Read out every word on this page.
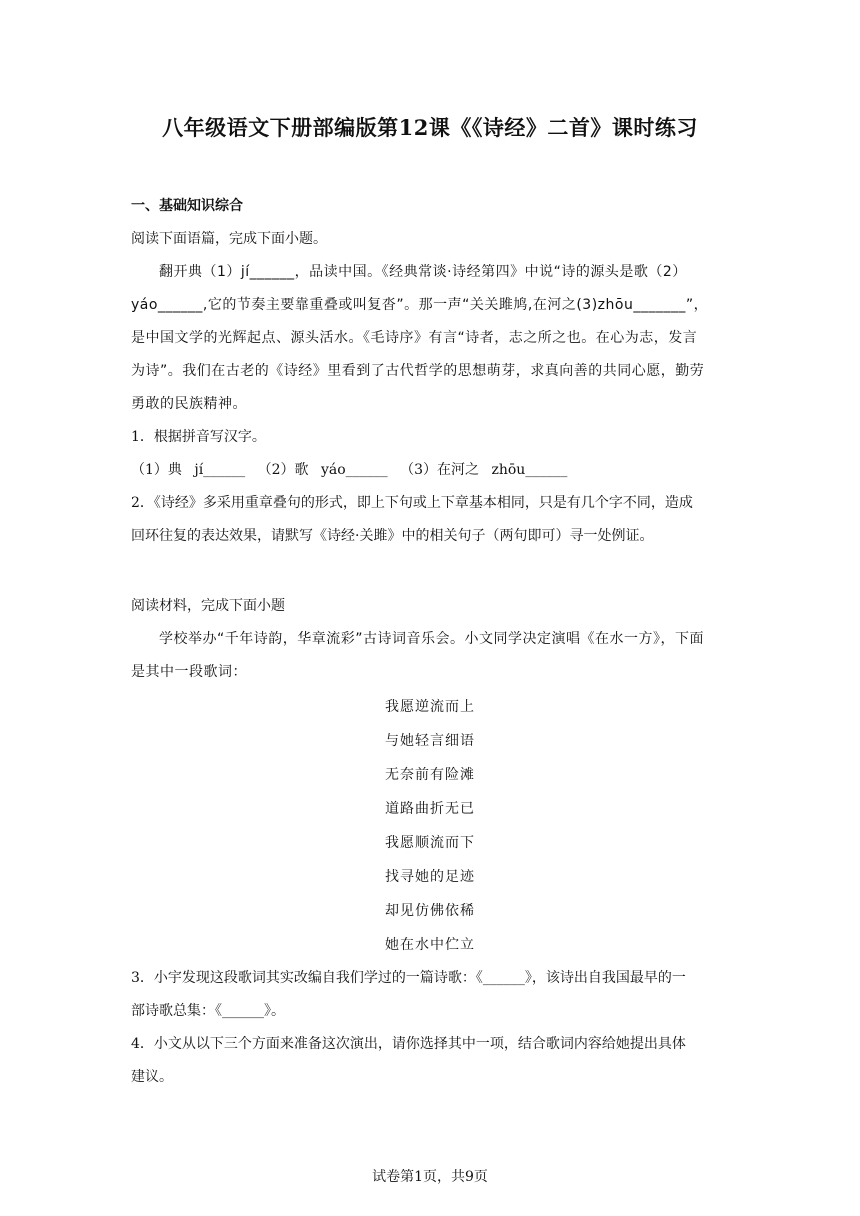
八年级语文下册部编版第12课《《诗经》二首》课时练习

一、基础知识综合

阅读下面语篇，完成下面小题。

翻开典（1）jí______，品读中国。《经典常谈·诗经第四》中说“诗的源头是歌（2）

yáo______,它的节奏主要靠重叠或叫复沓”。那一声“关关雎鸠,在河之(3)zhōu_______”，

是中国文学的光辉起点、源头活水。《毛诗序》有言“诗者，志之所之也。在心为志，发言

为诗”。我们在古老的《诗经》里看到了古代哲学的思想萌芽，求真向善的共同心愿，勤劳

勇敢的民族精神。

1．根据拼音写汉字。

（1）典 jí______ （2）歌 yáo______ （3）在河之 zhōu______

2．《诗经》多采用重章叠句的形式，即上下句或上下章基本相同，只是有几个字不同，造成

回环往复的表达效果，请默写《诗经·关雎》中的相关句子（两句即可）寻一处例证。

阅读材料，完成下面小题

学校举办“千年诗韵，华章流彩”古诗词音乐会。小文同学决定演唱《在水一方》，下面

是其中一段歌词：

我愿逆流而上
与她轻言细语
无奈前有险滩
道路曲折无已
我愿顺流而下
找寻她的足迹
却见仿佛依稀
她在水中伫立

3．小宇发现这段歌词其实改编自我们学过的一篇诗歌：《______》，该诗出自我国最早的一

部诗歌总集：《______》。

4．小文从以下三个方面来准备这次演出，请你选择其中一项，结合歌词内容给她提出具体

建议。

试卷第1页，共9页
